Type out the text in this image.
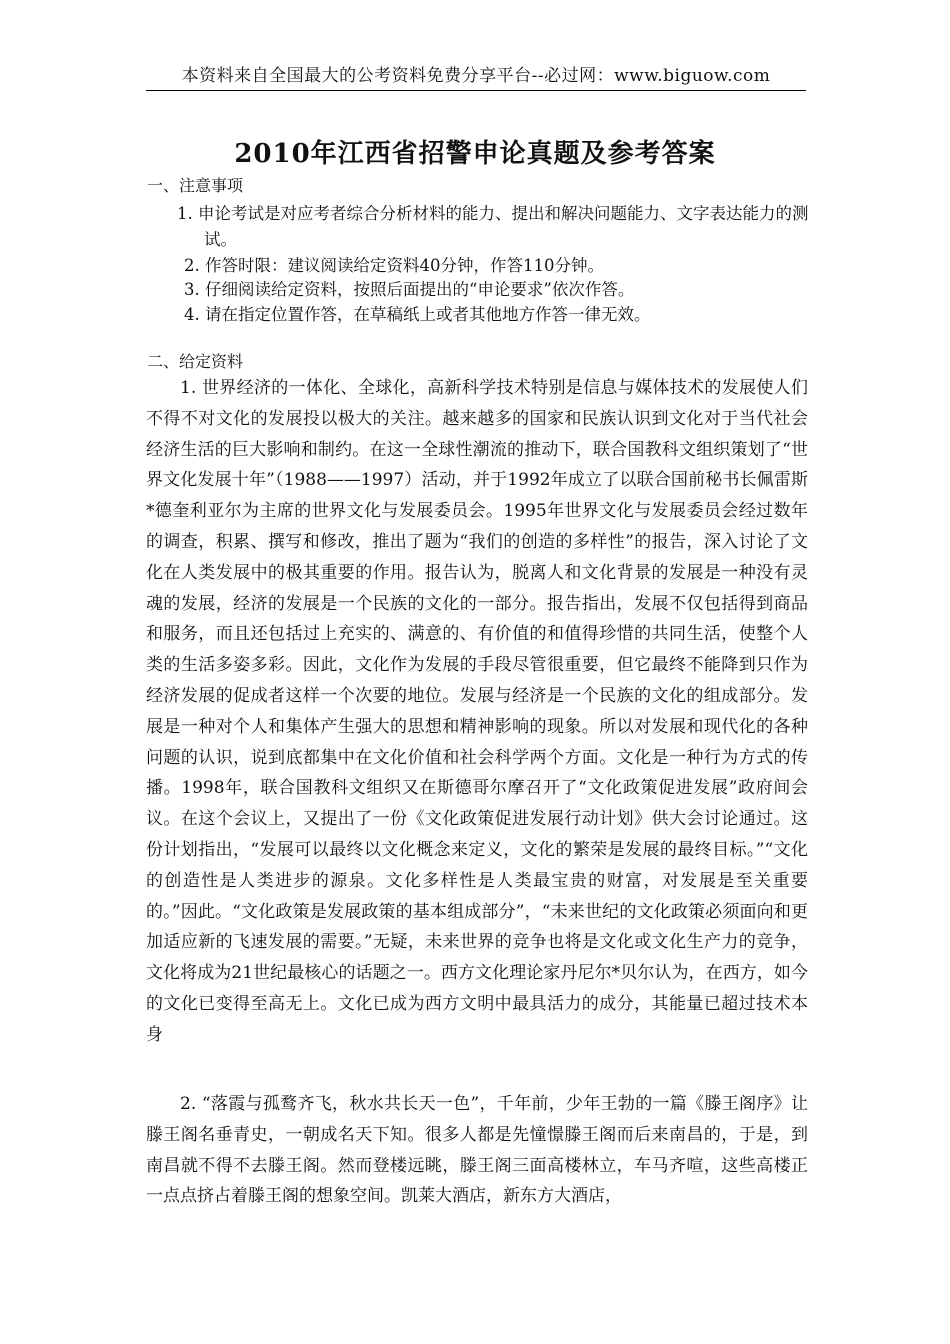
本资料来自全国最大的公考资料免费分享平台--必过网：www.biguow.com
2010年江西省招警申论真题及参考答案
一、注意事项
1. 申论考试是对应考者综合分析材料的能力、提出和解决问题能力、文字表达能力的测试。
2. 作答时限：建议阅读给定资料40分钟，作答110分钟。
3. 仔细阅读给定资料，按照后面提出的“申论要求”依次作答。
4. 请在指定位置作答，在草稿纸上或者其他地方作答一律无效。
二、给定资料

1. 世界经济的一体化、全球化，高新科学技术特别是信息与媒体技术的发展使人们不得不对文化的发展投以极大的关注。越来越多的国家和民族认识到文化对于当代社会经济生活的巨大影响和制约。在这一全球性潮流的推动下，联合国教科文组织策划了“世界文化发展十年”（1988——1997）活动，并于1992年成立了以联合国前秘书长佩雷斯*德奎利亚尔为主席的世界文化与发展委员会。1995年世界文化与发展委员会经过数年的调查，积累、撰写和修改，推出了题为“我们的创造的多样性”的报告，深入讨论了文化在人类发展中的极其重要的作用。报告认为，脱离人和文化背景的发展是一种没有灵魂的发展，经济的发展是一个民族的文化的一部分。报告指出，发展不仅包括得到商品和服务，而且还包括过上充实的、满意的、有价值的和值得珍惜的共同生活，使整个人类的生活多姿多彩。因此，文化作为发展的手段尽管很重要，但它最终不能降到只作为经济发展的促成者这样一个次要的地位。发展与经济是一个民族的文化的组成部分。发展是一种对个人和集体产生强大的思想和精神影响的现象。所以对发展和现代化的各种问题的认识，说到底都集中在文化价值和社会科学两个方面。文化是一种行为方式的传播。1998年，联合国教科文组织又在斯德哥尔摩召开了“文化政策促进发展”政府间会议。在这个会议上，又提出了一份《文化政策促进发展行动计划》供大会讨论通过。这份计划指出，“发展可以最终以文化概念来定义，文化的繁荣是发展的最终目标。”“文化的创造性是人类进步的源泉。文化多样性是人类最宝贵的财富，对发展是至关重要的。”因此。“文化政策是发展政策的基本组成部分”，“未来世纪的文化政策必须面向和更加适应新的飞速发展的需要。”无疑，未来世界的竞争也将是文化或文化生产力的竞争，文化将成为21世纪最核心的话题之一。西方文化理论家丹尼尔*贝尔认为，在西方，如今的文化已变得至高无上。文化已成为西方文明中最具活力的成分，其能量已超过技术本身

2. “落霞与孤鹜齐飞，秋水共长天一色”，千年前，少年王勃的一篇《滕王阁序》让滕王阁名垂青史，一朝成名天下知。很多人都是先憧憬滕王阁而后来南昌的，于是，到南昌就不得不去滕王阁。然而登楼远眺，滕王阁三面高楼林立，车马齐喧，这些高楼正一点点挤占着滕王阁的想象空间。凯莱大酒店，新东方大酒店，
